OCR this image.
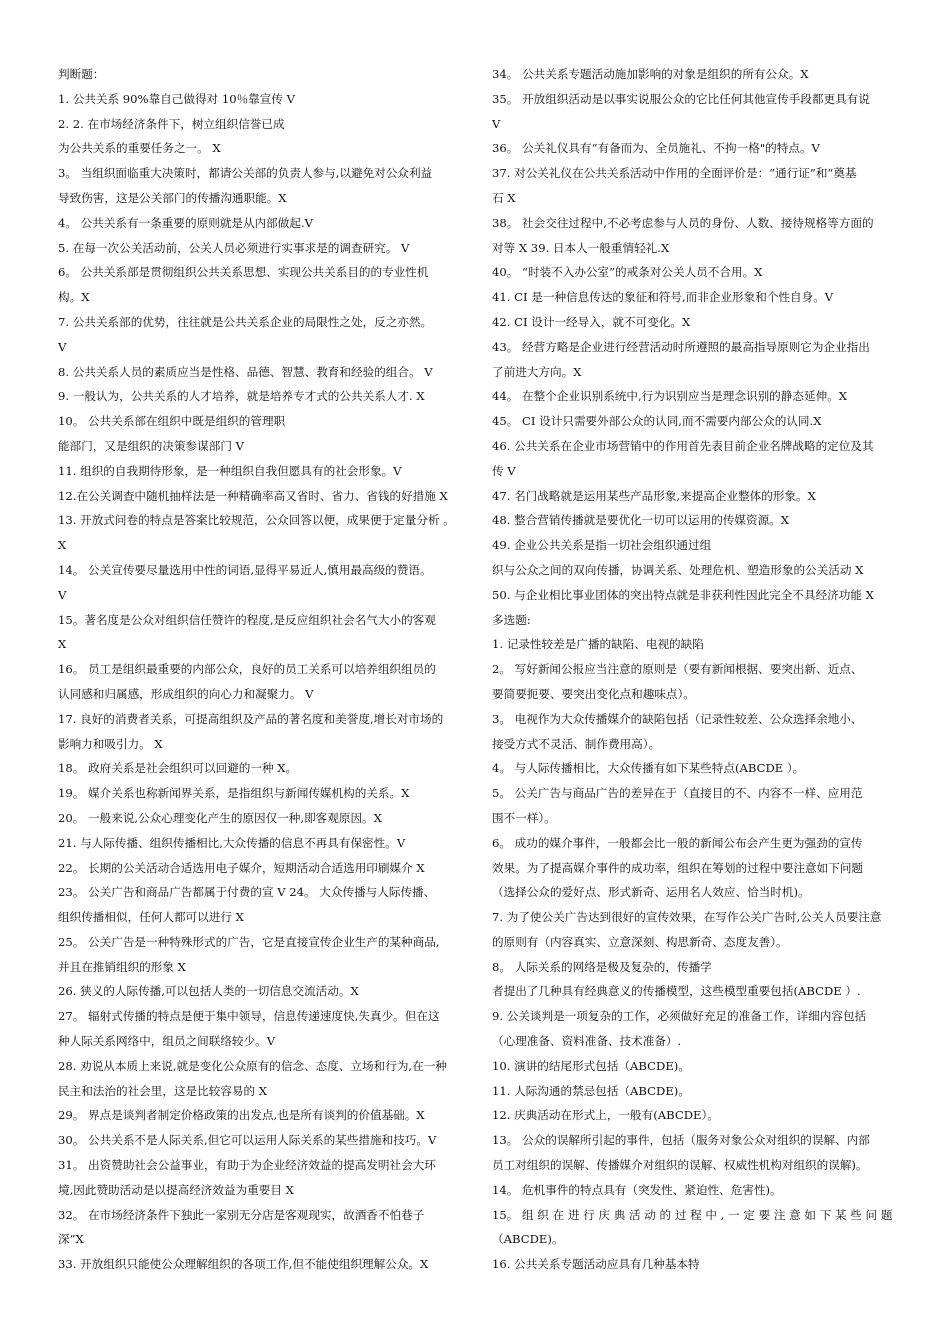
判断题：
1. 公共关系 90%靠自己做得对 10％靠宣传 V
2. 2. 在市场经济条件下，树立组织信誉已成
为公共关系的重要任务之一。 X
3。 当组织面临重大决策时，都请公关部的负责人参与,以避免对公众利益
导致伤害，这是公关部门的传播沟通职能。X
4。 公共关系有一条重要的原则就是从内部做起.V
5. 在每一次公关活动前，公关人员必须进行实事求是的调查研究。 V
6。 公共关系部是贯彻组织公共关系思想、实现公共关系目的的专业性机
构。X
7. 公共关系部的优势，往往就是公共关系企业的局限性之处，反之亦然。
V
8. 公共关系人员的素质应当是性格、品德、智慧、教育和经验的组合。 V
9. 一般认为，公共关系的人才培养，就是培养专才式的公共关系人才. X
10。 公共关系部在组织中既是组织的管理职
能部门，又是组织的决策参谋部门 V
11. 组织的自我期待形象，是一种组织自我但愿具有的社会形象。V
12.在公关调查中随机抽样法是一种精确率高又省时、省力、省钱的好措施 X
13. 开放式问卷的特点是答案比较规范，公众回答以便，成果便于定量分析 。
X
14。 公关宣传要尽量选用中性的词语,显得平易近人,慎用最高级的赞语。
V
15。著名度是公众对组织信任赞许的程度,是反应组织社会名气大小的客观
X
16。 员工是组织最重要的内部公众，良好的员工关系可以培养组织组员的
认同感和归属感，形成组织的向心力和凝聚力。 V
17. 良好的消费者关系，可提高组织及产品的著名度和美誉度,增长对市场的
影响力和吸引力。 X
18。 政府关系是社会组织可以回避的一种 X。
19。 媒介关系也称新闻界关系，是指组织与新闻传媒机构的关系。X
20。 一般来说,公众心理变化产生的原因仅一种,即客观原因。X
21. 与人际传播、组织传播相比,大众传播的信息不再具有保密性。V
22。 长期的公关活动合适选用电子媒介，短期活动合适选用印刷媒介 X
23。 公关广告和商品广告都属于付费的宣 V 24。 大众传播与人际传播、
组织传播相似，任何人都可以进行 X
25。 公关广告是一种特殊形式的广告，它是直接宣传企业生产的某种商品,
并且在推销组织的形象 X
26. 狭义的人际传播,可以包括人类的一切信息交流活动。X
27。 辐射式传播的特点是便于集中领导，信息传递速度快,失真少。但在这
种人际关系网络中，组员之间联络较少。V
28. 劝说从本质上来说,就是变化公众原有的信念、态度、立场和行为,在一种
民主和法治的社会里，这是比较容易的 X
29。 界点是谈判者制定价格政策的出发点,也是所有谈判的价值基础。X
30。 公共关系不是人际关系,但它可以运用人际关系的某些措施和技巧。V
31。 出资赞助社会公益事业，有助于为企业经济效益的提高发明社会大环
境,因此赞助活动是以提高经济效益为重要目 X
32。 在市场经济条件下独此一家别无分店是客观现实，故酒香不怕巷子
深”X
33. 开放组织只能使公众理解组织的各项工作,但不能使组织理解公众。X
34。 公共关系专题活动施加影响的对象是组织的所有公众。X
35。 开放组织活动是以事实说服公众的它比任何其他宣传手段都更具有说
V
36。 公关礼仪具有“有备而为、全员施礼、不拘一格"的特点。V
37. 对公关礼仪在公共关系活动中作用的全面评价是：“通行证”和“奠基
石 X
38。 社会交往过程中,不必考虑参与人员的身份、人数、接待规格等方面的
对等 X 39. 日本人一般重情轻礼.X
40。 “时装不入办公室”的戒条对公关人员不合用。X
41. CI 是一种信息传达的象征和符号,而非企业形象和个性自身。V
42. CI 设计一经导入，就不可变化。X
43。 经营方略是企业进行经营活动时所遵照的最高指导原则它为企业指出
了前进大方向。X
44。 在整个企业识别系统中,行为识别应当是理念识别的静态延伸。X
45。 CI 设计只需要外部公众的认同,而不需要内部公众的认同.X
46. 公共关系在企业市场营销中的作用首先表目前企业名牌战略的定位及其
传 V
47. 名门战略就是运用某些产品形象,来提高企业整体的形象。X
48. 整合营销传播就是要优化一切可以运用的传媒资源。X
49. 企业公共关系是指一切社会组织通过组
织与公众之间的双向传播，协调关系、处理危机、塑造形象的公关活动 X
50. 与企业相比事业团体的突出特点就是非获利性因此完全不具经济功能 X
多选题:
1. 记录性较差是广播的缺陷、电视的缺陷
2。 写好新闻公报应当注意的原则是（要有新闻根据、要突出新、近点、
要简要扼要、要突出变化点和趣味点）。
3。 电视作为大众传播媒介的缺陷包括（记录性较差、公众选择余地小、
接受方式不灵活、制作费用高）。
4。 与人际传播相比，大众传播有如下某些特点(ABCDE ）。
5。 公关广告与商品广告的差异在于（直接目的不、内容不一样、应用范
围不一样）。
6。 成功的媒介事件，一般都会比一般的新闻公布会产生更为强劲的宣传
效果。为了提高媒介事件的成功率，组织在筹划的过程中要注意如下问题
（选择公众的爱好点、形式新奇、运用名人效应、恰当时机)。
7. 为了使公关广告达到很好的宣传效果，在写作公关广告时,公关人员要注意
的原则有（内容真实、立意深刻、构思新奇、态度友善）。
8。 人际关系的网络是极及复杂的，传播学
者提出了几种具有经典意义的传播模型，这些模型重要包括(ABCDE ）.
9. 公关谈判是一项复杂的工作，必须做好充足的准备工作，详细内容包括
（心理准备、资料准备、技术准备）.
10. 演讲的结尾形式包括（ABCDE)。
11. 人际沟通的禁忌包括（ABCDE)。
12. 庆典活动在形式上，一般有(ABCDE）。
13。 公众的误解所引起的事件，包括（服务对象公众对组织的误解、内部
员工对组织的误解、传播媒介对组织的误解、权威性机构对组织的误解)。
14。 危机事件的特点具有（突发性、紧迫性、危害性)。
15。 组 织 在 进 行 庆 典 活 动 的 过 程 中 , 一 定 要 注 意 如 下 某 些 问 题
（ABCDE)。
16. 公共关系专题活动应具有几种基本特
